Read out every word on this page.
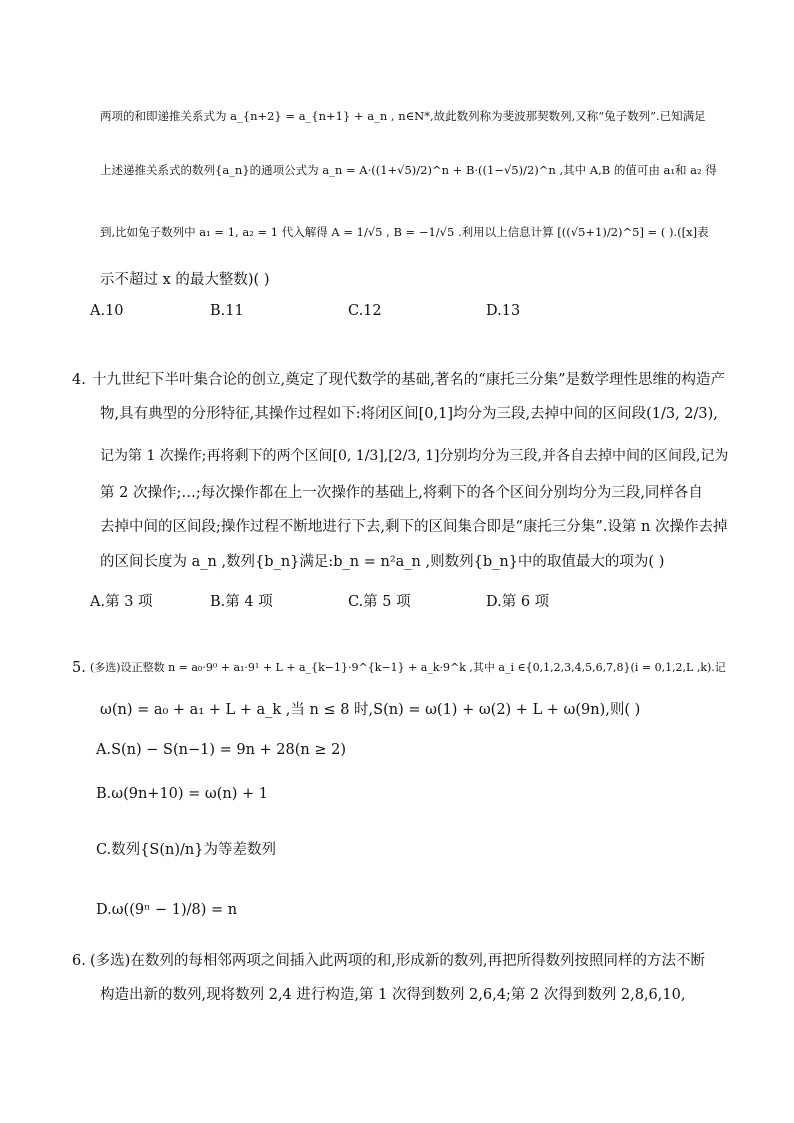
两项的和即递推关系式为 a_{n+2} = a_{n+1} + a_n , n∈N*,故此数列称为斐波那契数列,又称“兔子数列”.已知满足
上述递推关系式的数列{a_n}的通项公式为 a_n = A·((1+√5)/2)^n + B·((1−√5)/2)^n ,其中 A,B 的值可由 a₁和 a₂ 得
到,比如兔子数列中 a₁ = 1, a₂ = 1 代入解得 A = 1/√5 , B = −1/√5 .利用以上信息计算 [((√5+1)/2)^5] = ( ).([x]表
示不超过 x 的最大整数)( )
A.10	B.11	C.12	D.13
4. 十九世纪下半叶集合论的创立,奠定了现代数学的基础,著名的“康托三分集”是数学理性思维的构造产
物,具有典型的分形特征,其操作过程如下:将闭区间[0,1]均分为三段,去掉中间的区间段(1/3, 2/3),
记为第 1 次操作;再将剩下的两个区间[0, 1/3],[2/3, 1]分别均分为三段,并各自去掉中间的区间段,记为
第 2 次操作;…;每次操作都在上一次操作的基础上,将剩下的各个区间分别均分为三段,同样各自
去掉中间的区间段;操作过程不断地进行下去,剩下的区间集合即是“康托三分集”.设第 n 次操作去掉
的区间长度为 a_n ,数列{b_n}满足:b_n = n²a_n ,则数列{b_n}中的取值最大的项为( )
A.第 3 项	B.第 4 项	C.第 5 项	D.第 6 项
5. (多选)设正整数 n = a₀·9⁰ + a₁·9¹ + L + a_{k−1}·9^{k−1} + a_k·9^k ,其中 a_i ∈{0,1,2,3,4,5,6,7,8}(i = 0,1,2,L ,k).记
ω(n) = a₀ + a₁ + L + a_k ,当 n ≤ 8 时,S(n) = ω(1) + ω(2) + L + ω(9n),则( )
A.S(n) − S(n−1) = 9n + 28(n ≥ 2)
B.ω(9n+10) = ω(n) + 1
C.数列{S(n)/n}为等差数列
D.ω((9ⁿ − 1)/8) = n
6. (多选)在数列的每相邻两项之间插入此两项的和,形成新的数列,再把所得数列按照同样的方法不断
构造出新的数列,现将数列 2,4 进行构造,第 1 次得到数列 2,6,4;第 2 次得到数列 2,8,6,10,
